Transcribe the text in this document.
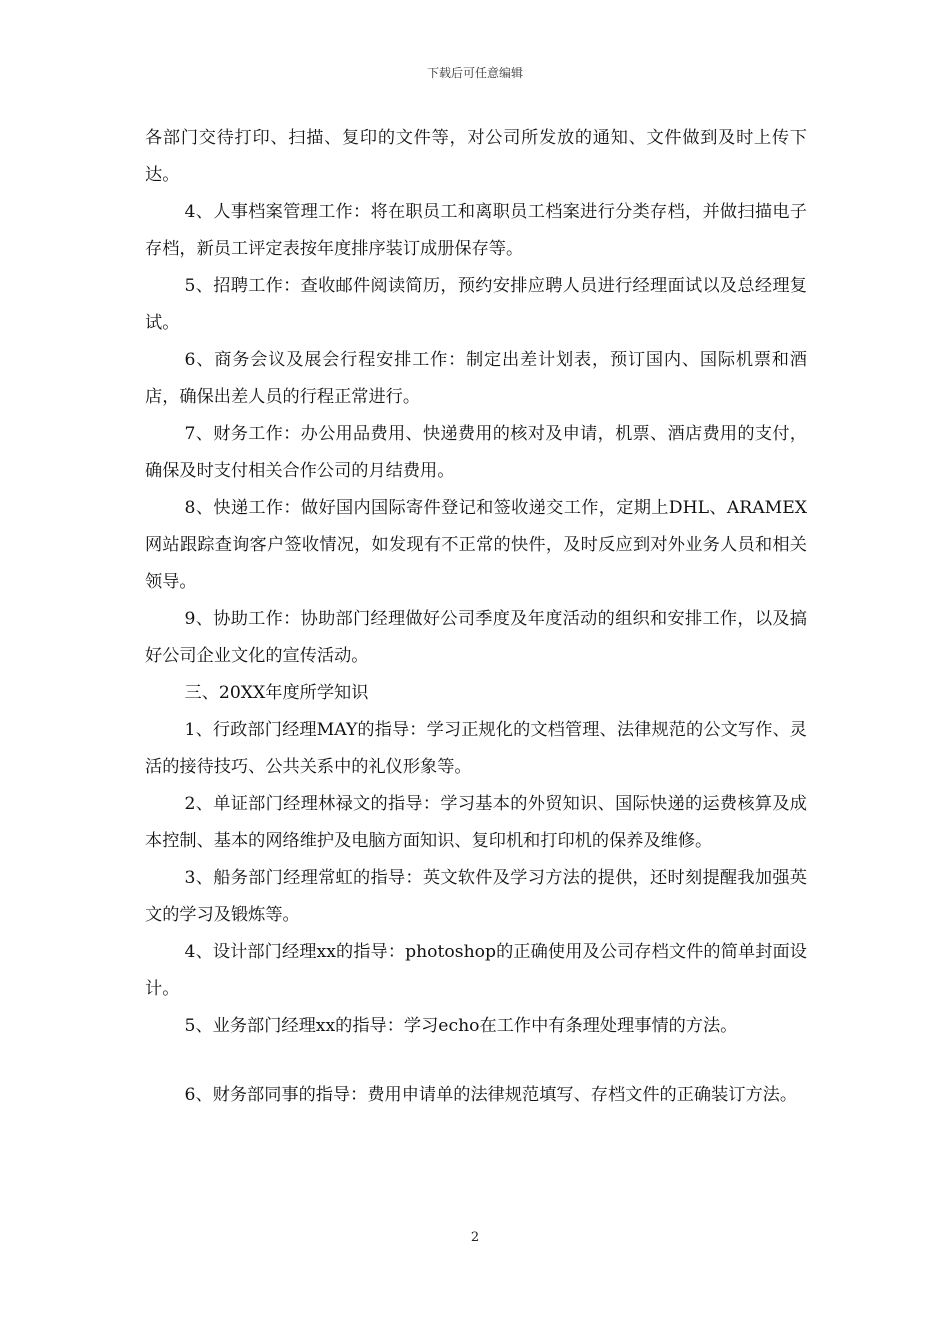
下载后可任意编辑

各部门交待打印、扫描、复印的文件等，对公司所发放的通知、文件做到及时上传下达。

4、人事档案管理工作：将在职员工和离职员工档案进行分类存档，并做扫描电子存档，新员工评定表按年度排序装订成册保存等。

5、招聘工作：查收邮件阅读简历，预约安排应聘人员进行经理面试以及总经理复试。

6、商务会议及展会行程安排工作：制定出差计划表，预订国内、国际机票和酒店，确保出差人员的行程正常进行。

7、财务工作：办公用品费用、快递费用的核对及申请，机票、酒店费用的支付，确保及时支付相关合作公司的月结费用。

8、快递工作：做好国内国际寄件登记和签收递交工作，定期上DHL、ARAMEX网站跟踪查询客户签收情况，如发现有不正常的快件，及时反应到对外业务人员和相关领导。

9、协助工作：协助部门经理做好公司季度及年度活动的组织和安排工作，以及搞好公司企业文化的宣传活动。

三、20XX年度所学知识

1、行政部门经理MAY的指导：学习正规化的文档管理、法律规范的公文写作、灵活的接待技巧、公共关系中的礼仪形象等。

2、单证部门经理林禄文的指导：学习基本的外贸知识、国际快递的运费核算及成本控制、基本的网络维护及电脑方面知识、复印机和打印机的保养及维修。

3、船务部门经理常虹的指导：英文软件及学习方法的提供，还时刻提醒我加强英文的学习及锻炼等。

4、设计部门经理xx的指导：photoshop的正确使用及公司存档文件的简单封面设计。

5、业务部门经理xx的指导：学习echo在工作中有条理处理事情的方法。

6、财务部同事的指导：费用申请单的法律规范填写、存档文件的正确装订方法。

2
